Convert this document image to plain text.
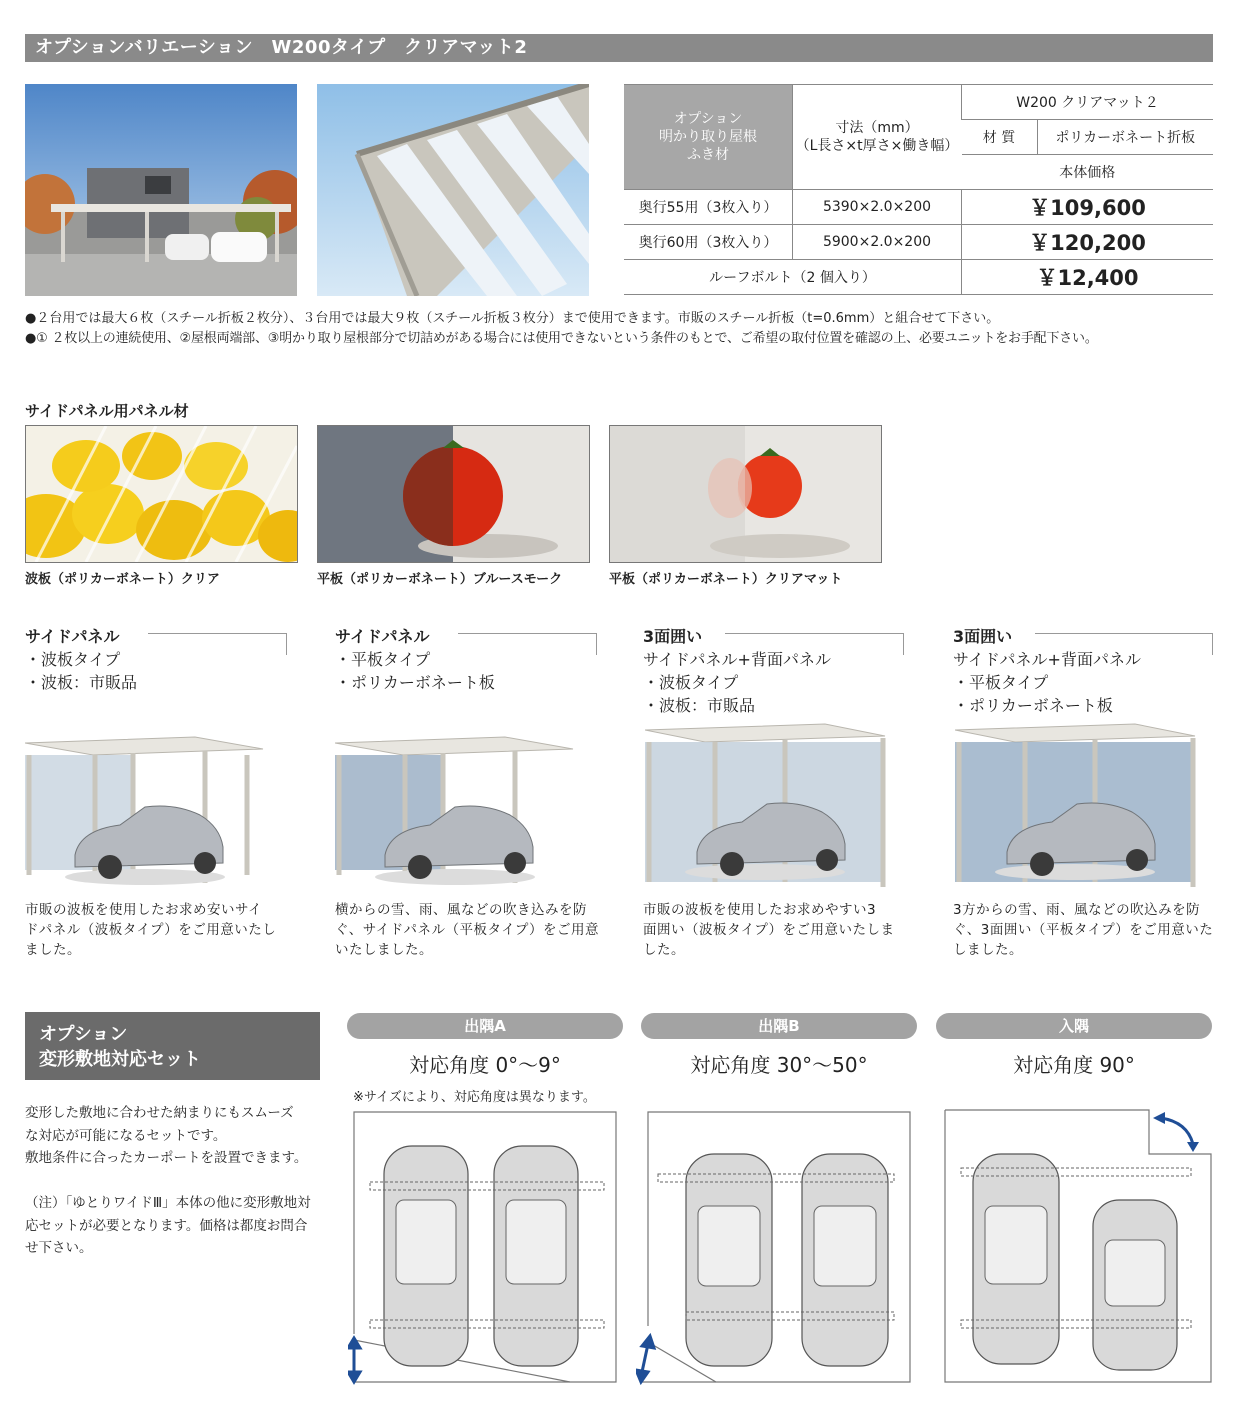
オプションバリエーション　W200タイプ　クリアマット2
オプション
明かり取り屋根
ふき材	寸法（mm）
（L長さ×t厚さ×働き幅）	W200 クリアマット２	
		材 質	ポリカーボネート折板
		本体価格	
奥行55用（3枚入り）	5390×2.0×200	￥109,600	
奥行60用（3枚入り）	5900×2.0×200	￥120,200	
ルーフボルト（2 個入り）		￥12,400	
●２台用では最大６枚（スチール折板２枚分）、３台用では最大９枚（スチール折板３枚分）まで使用できます。市販のスチール折板（t=0.6mm）と組合せて下さい。
●① ２枚以上の連続使用、②屋根両端部、③明かり取り屋根部分で切詰めがある場合には使用できないという条件のもとで、ご希望の取付位置を確認の上、必要ユニットをお手配下さい。
サイドパネル用パネル材
波板（ポリカーボネート）クリア	平板（ポリカーボネート）ブルースモーク	平板（ポリカーボネート）クリアマット
サイドパネル
・波板タイプ
・波板：市販品
サイドパネル
・平板タイプ
・ポリカーボネート板
3面囲い
サイドパネル+背面パネル
・波板タイプ
・波板：市販品
3面囲い
サイドパネル+背面パネル
・平板タイプ
・ポリカーボネート板
市販の波板を使用したお求め安いサイ
ドパネル（波板タイプ）をご用意いたし
ました。
横からの雪、雨、風などの吹き込みを防
ぐ、サイドパネル（平板タイプ）をご用意
いたしました。
市販の波板を使用したお求めやすい3
面囲い（波板タイプ）をご用意いたしま
した。
3方からの雪、雨、風などの吹込みを防
ぐ、3面囲い（平板タイプ）をご用意いた
しました。
オプション
変形敷地対応セット
変形した敷地に合わせた納まりにもスムーズ
な対応が可能になるセットです。
敷地条件に合ったカーポートを設置できます。
（注）「ゆとりワイドⅢ」本体の他に変形敷地対
応セットが必要となります。価格は都度お問合
せ下さい。
出隅A	出隅B	入隅
対応角度 0°〜9°	対応角度 30°〜50°	対応角度 90°
※サイズにより、対応角度は異なります。
